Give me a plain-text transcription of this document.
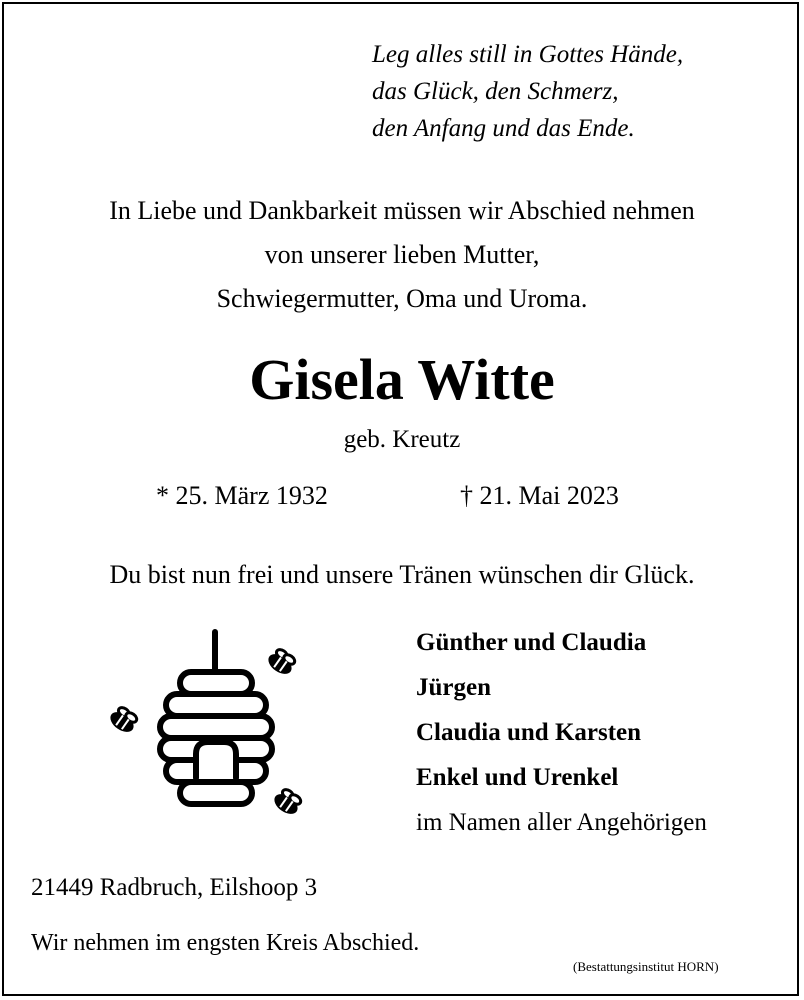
Leg alles still in Gottes Hände,
das Glück, den Schmerz,
den Anfang und das Ende.
In Liebe und Dankbarkeit müssen wir Abschied nehmen
von unserer lieben Mutter,
Schwiegermutter, Oma und Uroma.
Gisela Witte
geb. Kreutz
* 25. März 1932	† 21. Mai 2023
Du bist nun frei und unsere Tränen wünschen dir Glück.
Günther und Claudia
Jürgen
Claudia und Karsten
Enkel und Urenkel
im Namen aller Angehörigen
21449 Radbruch, Eilshoop 3
Wir nehmen im engsten Kreis Abschied.
(Bestattungsinstitut HORN)
